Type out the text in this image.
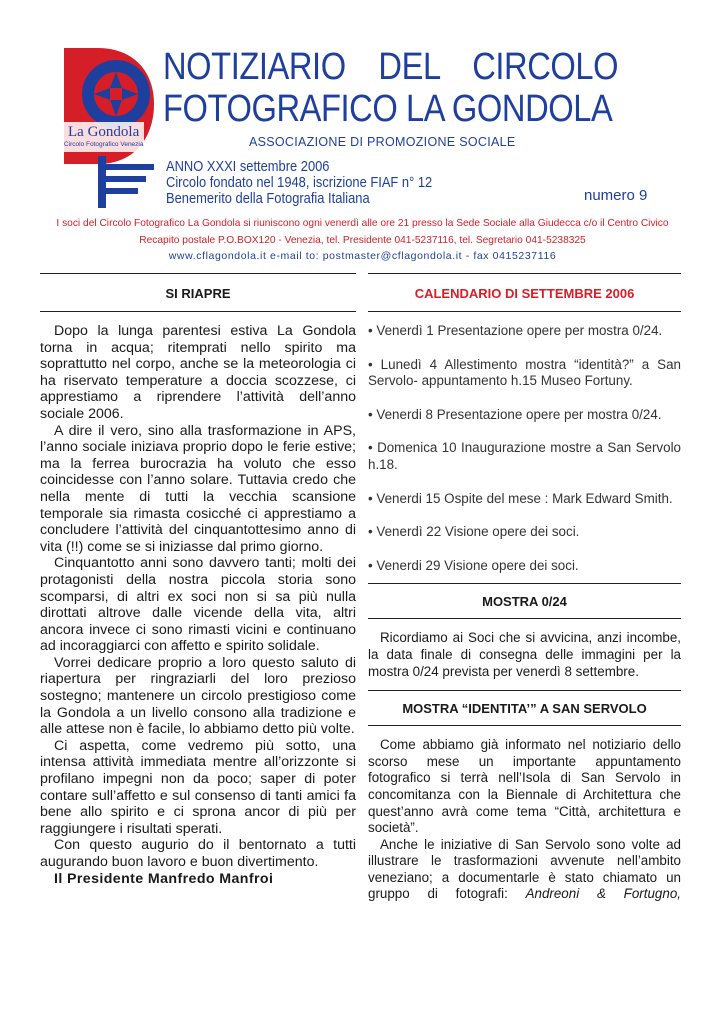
La Gondola
Circolo Fotografico Venezia
NOTIZIARIO DEL CIRCOLO
FOTOGRAFICO LA GONDOLA
ASSOCIAZIONE DI PROMOZIONE SOCIALE
ANNO XXXI settembre 2006
Circolo fondato nel 1948, iscrizione FIAF n° 12
Benemerito della Fotografia Italiana	numero 9
I soci del Circolo Fotografico La Gondola si riuniscono ogni venerdì alle ore 21 presso la Sede Sociale alla Giudecca c/o il Centro Civico
Recapito postale P.O.BOX120 - Venezia, tel. Presidente 041-5237116, tel. Segretario 041-5238325
www.cflagondola.it e-mail to: postmaster@cflagondola.it - fax 0415237116
SI RIAPRE

Dopo la lunga parentesi estiva La Gondola torna in acqua; ritemprati nello spirito ma soprattutto nel corpo, anche se la meteorologia ci ha riservato temperature a doccia scozzese, ci apprestiamo a riprendere l’attività dell’anno sociale 2006.

A dire il vero, sino alla trasformazione in APS, l’anno sociale iniziava proprio dopo le ferie estive; ma la ferrea burocrazia ha voluto che esso coincidesse con l’anno solare. Tuttavia credo che nella mente di tutti la vecchia scansione temporale sia rimasta cosicché ci apprestiamo a concludere l’attività del cinquantottesimo anno di vita (!!) come se si iniziasse dal primo giorno.

Cinquantotto anni sono davvero tanti; molti dei protagonisti della nostra piccola storia sono scomparsi, di altri ex soci non si sa più nulla dirottati altrove dalle vicende della vita, altri ancora invece ci sono rimasti vicini e continuano ad incoraggiarci con affetto e spirito solidale.

Vorrei dedicare proprio a loro questo saluto di riapertura per ringraziarli del loro prezioso sostegno; mantenere un circolo prestigioso come la Gondola a un livello consono alla tradizione e alle attese non è facile, lo abbiamo detto più volte.

Ci aspetta, come vedremo più sotto, una intensa attività immediata mentre all’orizzonte si profilano impegni non da poco; saper di poter contare sull’affetto e sul consenso di tanti amici fa bene allo spirito e ci sprona ancor di più per raggiungere i risultati sperati.

Con questo augurio do il bentornato a tutti augurando buon lavoro e buon divertimento.

Il Presidente Manfredo Manfroi

CALENDARIO DI SETTEMBRE 2006

• Venerdì 1 Presentazione opere per mostra 0/24.

• Lunedì 4 Allestimento mostra “identità?” a San Servolo- appuntamento h.15 Museo Fortuny.

• Venerdi 8 Presentazione opere per mostra 0/24.

• Domenica 10 Inaugurazione mostre a San Servolo h.18.

• Venerdi 15 Ospite del mese : Mark Edward Smith.

• Venerdì 22 Visione opere dei soci.

• Venerdi 29 Visione opere dei soci.

MOSTRA 0/24

Ricordiamo ai Soci che si avvicina, anzi incombe, la data finale di consegna delle immagini per la mostra 0/24 prevista per venerdì 8 settembre.

MOSTRA “IDENTITA’” A SAN SERVOLO

Come abbiamo già informato nel notiziario dello scorso mese un importante appuntamento fotografico si terrà nell’Isola di San Servolo in concomitanza con la Biennale di Architettura che quest’anno avrà come tema “Città, architettura e società”.

Anche le iniziative di San Servolo sono volte ad illustrare le trasformazioni avvenute nell’ambito veneziano; a documentarle è stato chiamato un gruppo di fotografi: Andreoni & Fortugno,
